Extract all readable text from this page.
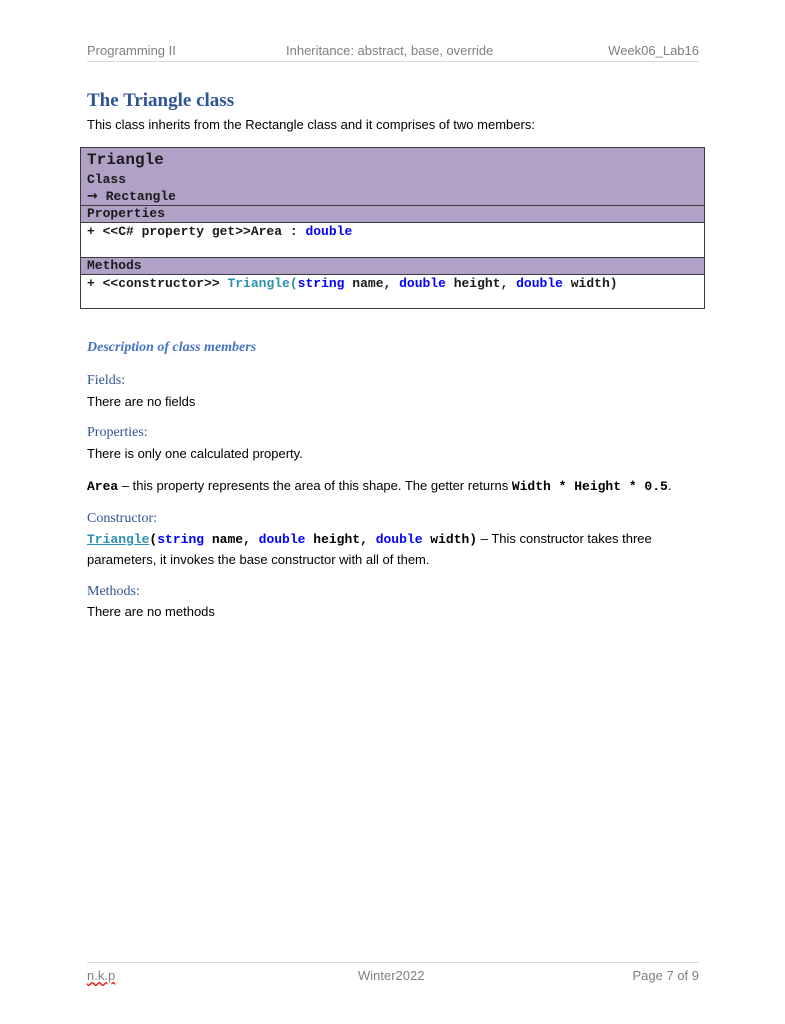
Programming II	Inheritance: abstract, base, override	Week06_Lab16
The Triangle class
This class inherits from the Rectangle class and it comprises of two members:
Triangle
Class
→ Rectangle
Properties
+ <<C# property get>>Area : double
Methods
+ <<constructor>> Triangle(string name, double height, double width)
Description of class members
Fields:
There are no fields
Properties:
There is only one calculated property.
Area – this property represents the area of this shape. The getter returns Width * Height * 0.5.
Constructor:
Triangle(string name, double height, double width) – This constructor takes three
parameters, it invokes the base constructor with all of them.
Methods:
There are no methods
n.k.p	Winter2022	Page 7 of 9
